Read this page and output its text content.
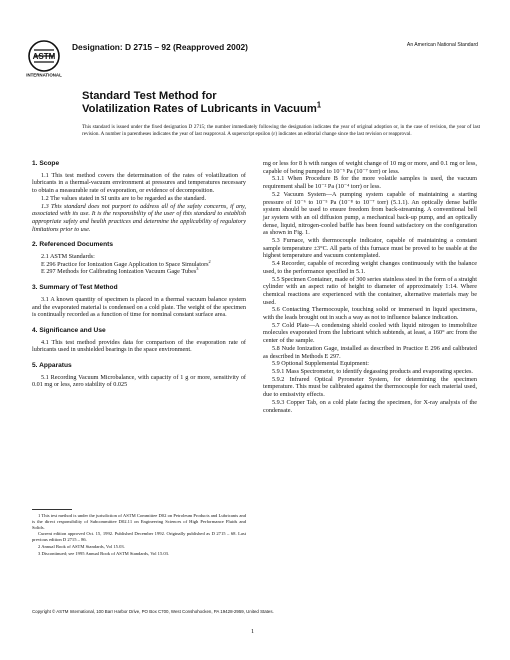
ASTM
INTERNATIONAL
Designation: D 2715 – 92 (Reapproved 2002)	An American National Standard
Standard Test Method for
Volatilization Rates of Lubricants in Vacuum$^1$
This standard is issued under the fixed designation D 2715; the number immediately following the designation indicates the year of original adoption or, in the case of revision, the year of last revision. A number in parentheses indicates the year of last reapproval. A superscript epsilon (ε) indicates an editorial change since the last revision or reapproval.
1. Scope

1.1 This test method covers the determination of the rates of volatilization of lubricants in a thermal-vacuum environment at pressures and temperatures necessary to obtain a measurable rate of evaporation, or evidence of decomposition.

1.2 The values stated in SI units are to be regarded as the standard.

1.3 This standard does not purport to address all of the safety concerns, if any, associated with its use. It is the responsibility of the user of this standard to establish appropriate safety and health practices and determine the applicability of regulatory limitations prior to use.

2. Referenced Documents

2.1 ASTM Standards:

E 296 Practice for Ionization Gage Application to Space Simulators$^2$

E 297 Methods for Calibrating Ionization Vacuum Gage Tubes$^3$

3. Summary of Test Method

3.1 A known quantity of specimen is placed in a thermal vacuum balance system and the evaporated material is condensed on a cold plate. The weight of the specimen is continually recorded as a function of time for nominal constant surface area.

4. Significance and Use

4.1 This test method provides data for comparison of the evaporation rate of lubricants used in unshielded bearings in the space environment.

5. Apparatus

5.1 Recording Vacuum Microbalance, with capacity of 1 g or more, sensitivity of 0.01 mg or less, zero stability of 0.025

1 This test method is under the jurisdiction of ASTM Committee D02 on Petroleum Products and Lubricants and is the direct responsibility of Subcommittee D02.11 on Engineering Sciences of High Performance Fluids and Solids.

Current edition approved Oct. 15, 1992. Published December 1992. Originally published as D 2715 – 68. Last previous edition D 2715 – 86.

2 Annual Book of ASTM Standards, Vol 15.03.

3 Discontinued; see 1995 Annual Book of ASTM Standards, Vol 15.03.

mg or less for 8 h with ranges of weight change of 10 mg or more, and 0.1 mg or less, capable of being pumped to 10⁻⁵ Pa (10⁻⁷ torr) or less.

5.1.1 When Procedure B for the more volatile samples is used, the vacuum requirement shall be 10⁻² Pa (10⁻⁴ torr) or less.

5.2 Vacuum System—A pumping system capable of maintaining a starting pressure of 10⁻⁶ to 10⁻⁵ Pa (10⁻⁸ to 10⁻⁷ torr) (5.1.1). An optically dense baffle system should be used to ensure freedom from back-streaming. A conventional bell jar system with an oil diffusion pump, a mechanical back-up pump, and an optically dense, liquid, nitrogen-cooled baffle has been found satisfactory on the configuration as shown in Fig. 1.

5.3 Furnace, with thermocouple indicator, capable of maintaining a constant sample temperature ±3°C. All parts of this furnace must be proved to be usable at the highest temperature and vacuum contemplated.

5.4 Recorder, capable of recording weight changes continuously with the balance used, to the performance specified in 5.1.

5.5 Specimen Container, made of 300 series stainless steel in the form of a straight cylinder with an aspect ratio of height to diameter of approximately 1:14. Where chemical reactions are experienced with the container, alternative materials may be used.

5.6 Contacting Thermocouple, touching solid or immersed in liquid specimens, with the leads brought out in such a way as not to influence balance indication.

5.7 Cold Plate—A condensing shield cooled with liquid nitrogen to immobilize molecules evaporated from the lubricant which subtends, at least, a 160° arc from the center of the sample.

5.8 Nude Ionization Gage, installed as described in Practice E 296 and calibrated as described in Methods E 297.

5.9 Optional Supplemental Equipment:

5.9.1 Mass Spectrometer, to identify degassing products and evaporating species.

5.9.2 Infrared Optical Pyrometer System, for determining the specimen temperature. This must be calibrated against the thermocouple for each material used, due to emissivity effects.

5.9.3 Copper Tab, on a cold plate facing the specimen, for X-ray analysis of the condensate.

Copyright © ASTM International, 100 Barr Harbor Drive, PO Box C700, West Conshohocken, PA 19428-2959, United States.
1
